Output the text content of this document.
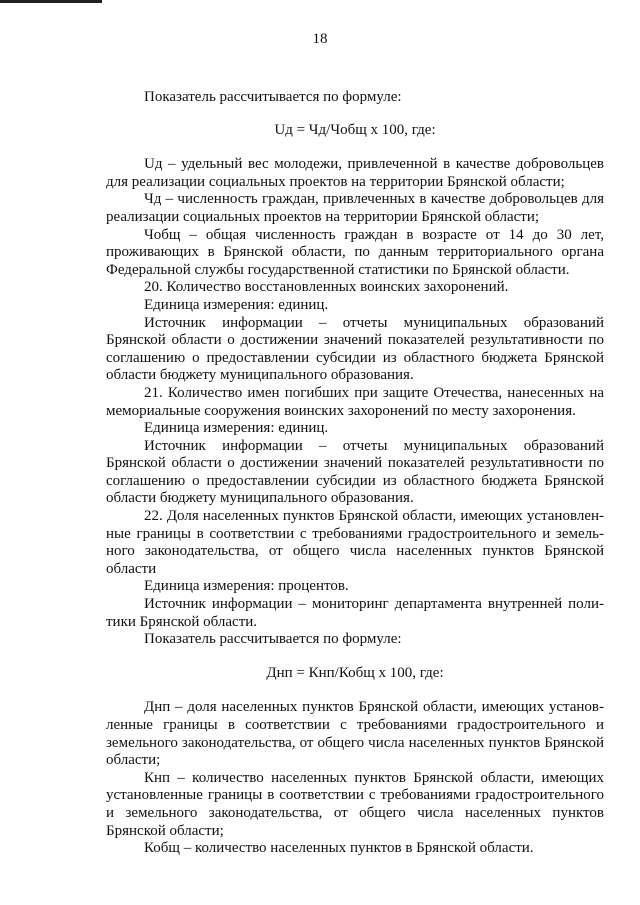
18

Показатель рассчитывается по формуле:

Uд = Чд/Чобщ х 100, где:

Uд – удельный вес молодежи, привлеченной в качестве добровольцев для реализации социальных проектов на территории Брянской области;

Чд – численность граждан, привлеченных в качестве добровольцев для реализации социальных проектов на территории Брянской области;

Чобщ – общая численность граждан в возрасте от 14 до 30 лет, проживающих в Брянской области, по данным территориального органа Федеральной службы государственной статистики по Брянской области.

20. Количество восстановленных воинских захоронений.

Единица измерения: единиц.

Источник информации – отчеты муниципальных образований Брянской области о достижении значений показателей результативности по соглашению о предоставлении субсидии из областного бюджета Брянской области бюджету муниципального образования.

21. Количество имен погибших при защите Отечества, нанесенных на мемориальные сооружения воинских захоронений по месту захоронения.

Единица измерения: единиц.

Источник информации – отчеты муниципальных образований Брянской области о достижении значений показателей результативности по соглашению о предоставлении субсидии из областного бюджета Брянской области бюджету муниципального образования.

22. Доля населенных пунктов Брянской области, имеющих установленные границы в соответствии с требованиями градостроительного и земельного законодательства, от общего числа населенных пунктов Брянской области

Единица измерения: процентов.

Источник информации – мониторинг департамента внутренней политики Брянской области.

Показатель рассчитывается по формуле:

Днп = Кнп/Кобщ х 100, где:

Днп – доля населенных пунктов Брянской области, имеющих установленные границы в соответствии с требованиями градостроительного и земельного законодательства, от общего числа населенных пунктов Брянской области;

Кнп – количество населенных пунктов Брянской области, имеющих установленные границы в соответствии с требованиями градостроительного и земельного законодательства, от общего числа населенных пунктов Брянской области;

Кобщ – количество населенных пунктов в Брянской области.
